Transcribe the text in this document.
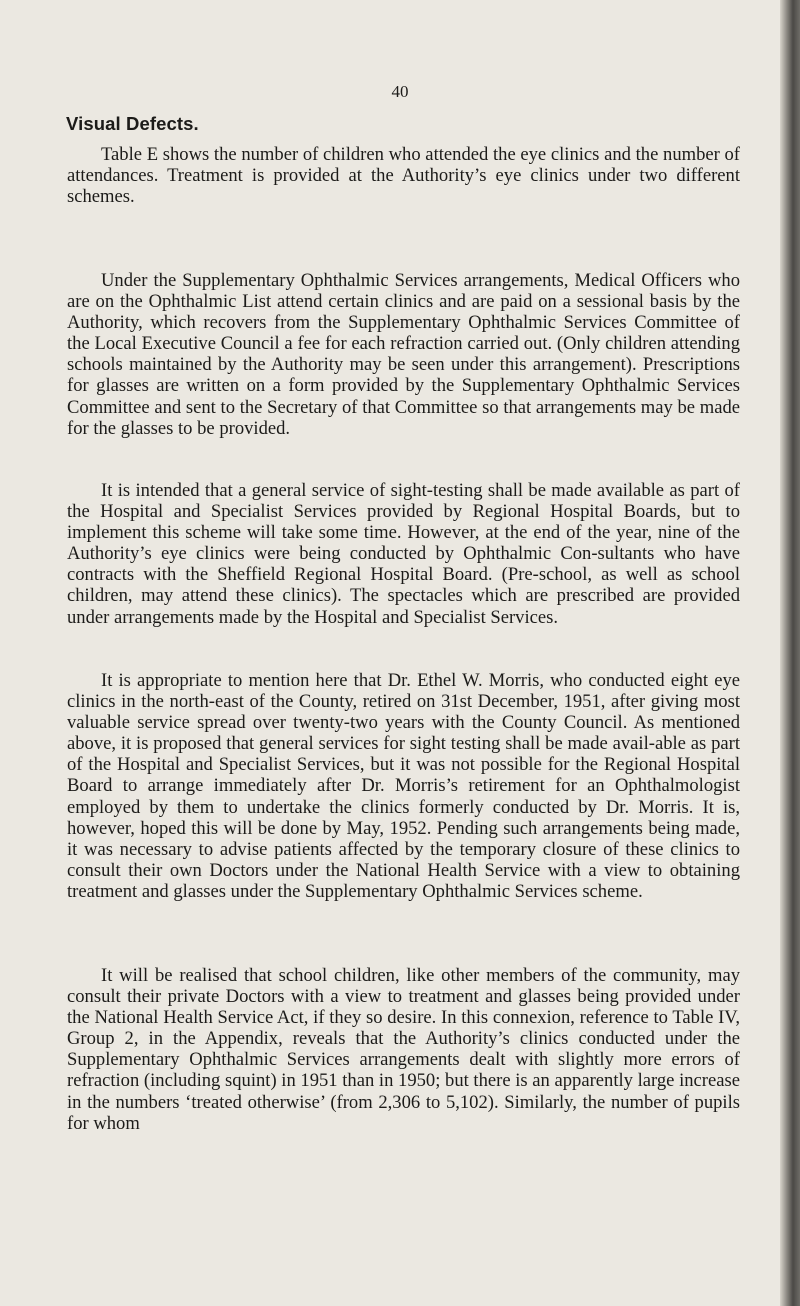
40
Visual Defects.

Table E shows the number of children who attended the eye clinics and the number of attendances. Treatment is provided at the Authority’s eye clinics under two different schemes.

Under the Supplementary Ophthalmic Services arrangements, Medical Officers who are on the Ophthalmic List attend certain clinics and are paid on a sessional basis by the Authority, which recovers from the Supplementary Ophthalmic Services Committee of the Local Executive Council a fee for each refraction carried out. (Only children attending schools maintained by the Authority may be seen under this arrangement). Prescriptions for glasses are written on a form provided by the Supplementary Ophthalmic Services Committee and sent to the Secretary of that Committee so that arrangements may be made for the glasses to be provided.

It is intended that a general service of sight-testing shall be made available as part of the Hospital and Specialist Services provided by Regional Hospital Boards, but to implement this scheme will take some time. However, at the end of the year, nine of the Authority’s eye clinics were being conducted by Ophthalmic Con-sultants who have contracts with the Sheffield Regional Hospital Board. (Pre-school, as well as school children, may attend these clinics). The spectacles which are prescribed are provided under arrangements made by the Hospital and Specialist Services.

It is appropriate to mention here that Dr. Ethel W. Morris, who conducted eight eye clinics in the north-east of the County, retired on 31st December, 1951, after giving most valuable service spread over twenty-two years with the County Council. As mentioned above, it is proposed that general services for sight testing shall be made avail-able as part of the Hospital and Specialist Services, but it was not possible for the Regional Hospital Board to arrange immediately after Dr. Morris’s retirement for an Ophthalmologist employed by them to undertake the clinics formerly conducted by Dr. Morris. It is, however, hoped this will be done by May, 1952. Pending such arrangements being made, it was necessary to advise patients affected by the temporary closure of these clinics to consult their own Doctors under the National Health Service with a view to obtaining treatment and glasses under the Supplementary Ophthalmic Services scheme.

It will be realised that school children, like other members of the community, may consult their private Doctors with a view to treatment and glasses being provided under the National Health Service Act, if they so desire. In this connexion, reference to Table IV, Group 2, in the Appendix, reveals that the Authority’s clinics conducted under the Supplementary Ophthalmic Services arrangements dealt with slightly more errors of refraction (including squint) in 1951 than in 1950; but there is an apparently large increase in the numbers ‘treated otherwise’ (from 2,306 to 5,102). Similarly, the number of pupils for whom
